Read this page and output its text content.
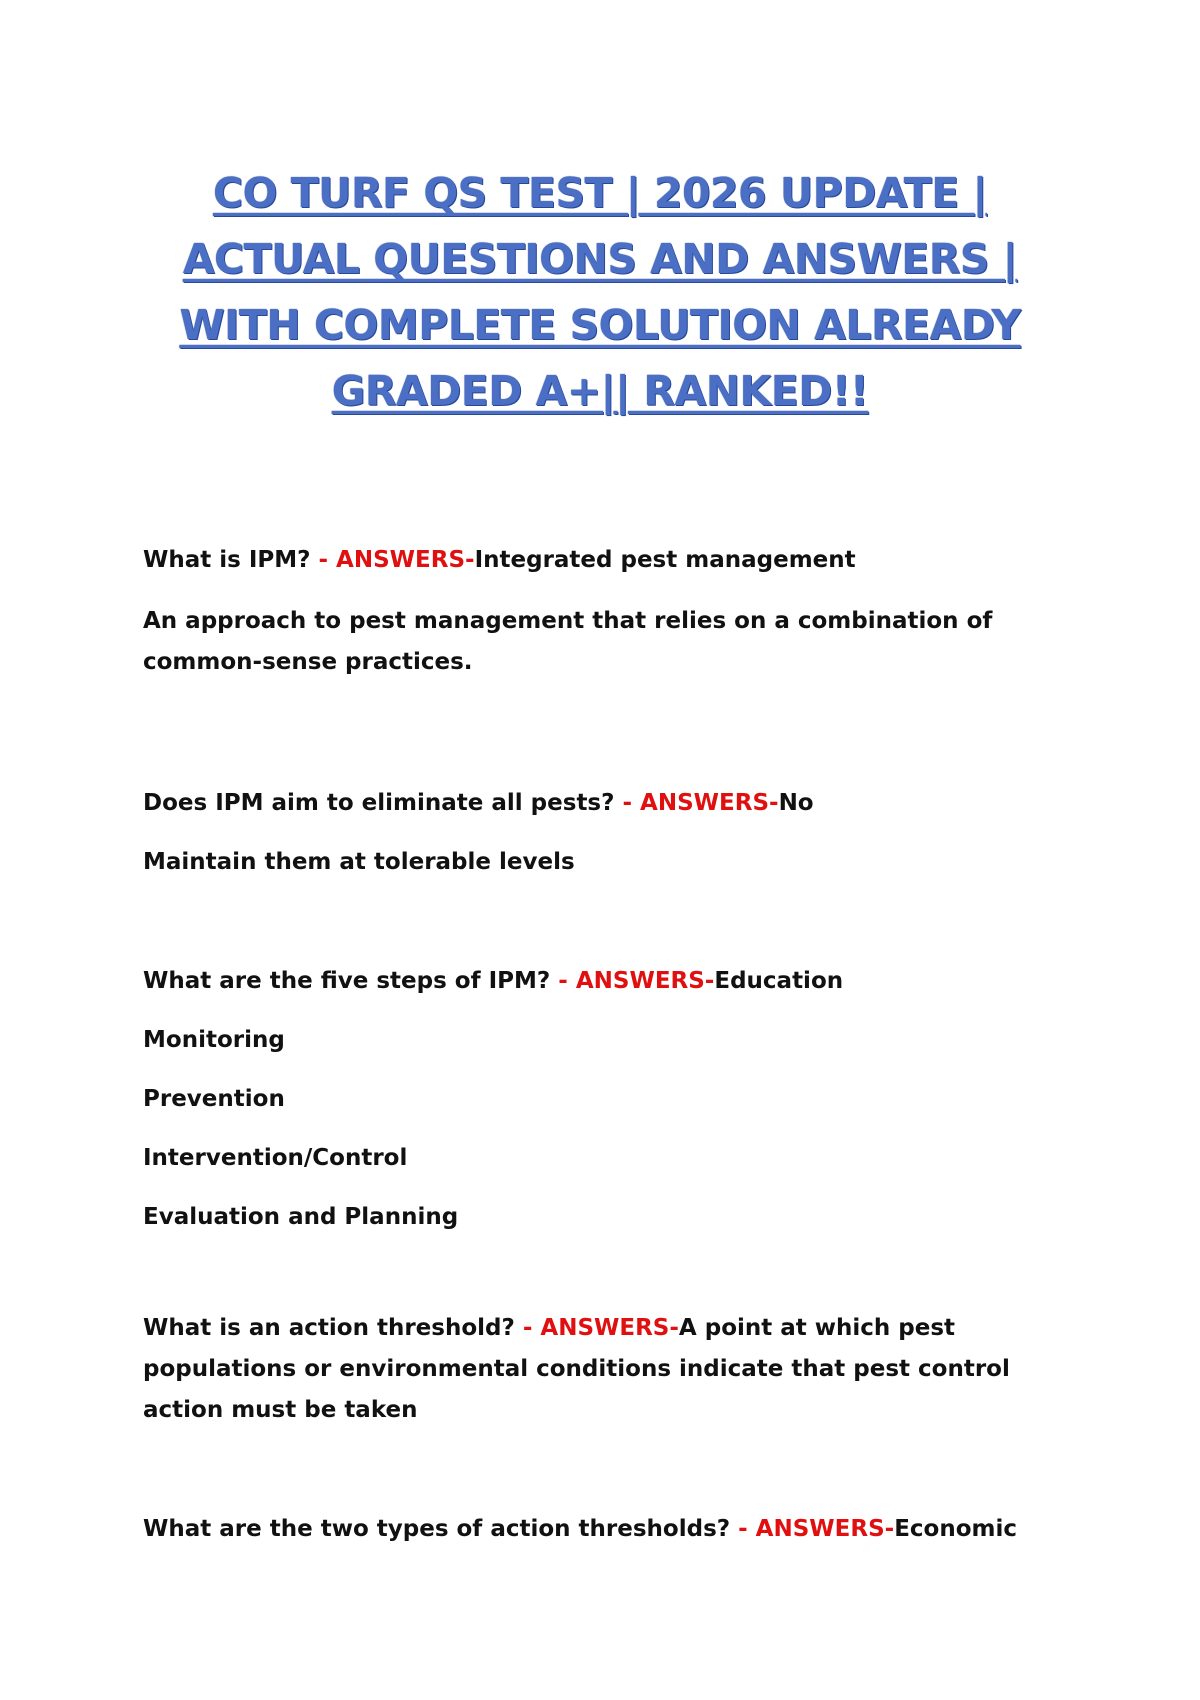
CO TURF QS TEST | 2026 UPDATE |
ACTUAL QUESTIONS AND ANSWERS |
WITH COMPLETE SOLUTION ALREADY
GRADED A+|| RANKED!!

What is IPM? - ANSWERS-Integrated pest management

An approach to pest management that relies on a combination of

common-sense practices.

Does IPM aim to eliminate all pests? - ANSWERS-No

Maintain them at tolerable levels

What are the five steps of IPM? - ANSWERS-Education

Monitoring

Prevention

Intervention/Control

Evaluation and Planning

What is an action threshold? - ANSWERS-A point at which pest

populations or environmental conditions indicate that pest control

action must be taken

What are the two types of action thresholds? - ANSWERS-Economic
